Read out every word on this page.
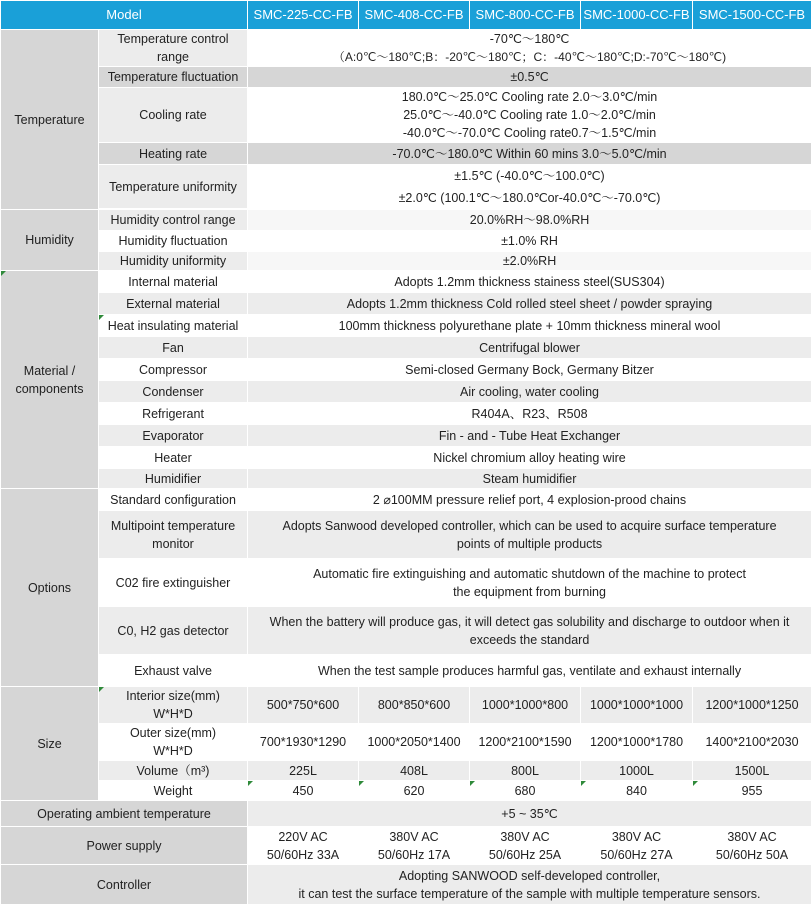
Model		SMC-225-CC-FB	SMC-408-CC-FB	SMC-800-CC-FB	SMC-1000-CC-FB	SMC-1500-CC-FB
Temperature	Temperature control range	-70℃～180℃
（A:0℃～180℃;B：-20℃～180℃；C：-40℃～180℃;D:-70℃～180℃)				

	Temperature fluctuation	±0.5℃				
	Cooling rate	180.0℃～25.0℃ Cooling rate 2.0～3.0℃/min
25.0℃～-40.0℃ Cooling rate 1.0～2.0℃/min
-40.0℃～-70.0℃ Cooling rate0.7～1.5℃/min				

	Heating rate	-70.0℃～180.0℃ Within 60 mins 3.0～5.0℃/min				
	Temperature uniformity	±1.5℃ (-40.0℃～100.0℃)				
		±2.0℃ (100.1℃～180.0℃or-40.0℃～-70.0℃)				

Humidity	Humidity control range	20.0%RH～98.0%RH				
	Humidity fluctuation	±1.0% RH				
	Humidity uniformity	±2.0%RH				

Material /
components	Internal material	Adopts 1.2mm thickness stainess steel(SUS304)				
	External material	Adopts 1.2mm thickness Cold rolled steel sheet / powder spraying				
	Heat insulating material	100mm thickness polyurethane plate + 10mm thickness mineral wool				
	Fan	Centrifugal blower				
	Compressor	Semi-closed Germany Bock, Germany Bitzer				
	Condenser	Air cooling, water cooling				
	Refrigerant	R404A、R23、R508				
	Evaporator	Fin - and - Tube Heat Exchanger				
	Heater	Nickel chromium alloy heating wire				
	Humidifier	Steam humidifier				
Options	Standard configuration	2 ⌀100MM pressure relief port, 4 explosion-prood chains				

	Multipoint temperature
monitor	Adopts Sanwood developed controller, which can be used to acquire surface temperature
points of multiple products				

	C02 fire extinguisher	Automatic fire extinguishing and automatic shutdown of the machine to protect
the equipment from burning				

	C0, H2 gas detector	When the battery will produce gas, it will detect gas solubility and discharge to outdoor when it
exceeds the standard				

	Exhaust valve	When the test sample produces harmful gas, ventilate and exhaust internally				
Size	Interior size(mm)
W*H*D	500*750*600	800*850*600	1000*1000*800	1000*1000*1000	1200*1000*1250

	Outer size(mm)
W*H*D	700*1930*1290	1000*2050*1400	1200*2100*1590	1200*1000*1780	1400*2100*2030
	Volume（m³)	225L	408L	800L	1000L	1500L
	Weight	450	620	680	840	955
Operating ambient temperature		+5 ~ 35℃				
Power supply		220V AC
50/60Hz 33A	380V AC
50/60Hz 17A	380V AC
50/60Hz 25A	380V AC
50/60Hz 27A	380V AC
50/60Hz 50A

Controller		Adopting SANWOOD self-developed controller,
it can test the surface temperature of the sample with multiple temperature sensors.				
